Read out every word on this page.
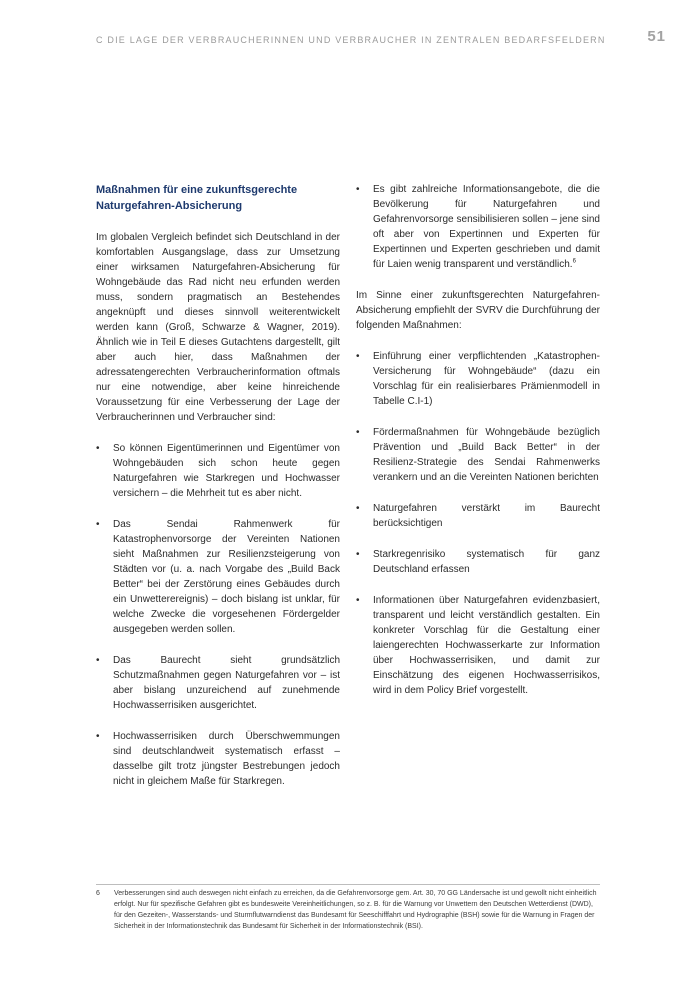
C DIE LAGE DER VERBRAUCHERINNEN UND VERBRAUCHER IN ZENTRALEN BEDARFSFELDERN	51
Maßnahmen für eine zukunftsgerechte
Naturgefahren-Absicherung

Im globalen Vergleich befindet sich Deutschland in der komfortablen Ausgangslage, dass zur Umsetzung einer wirksamen Naturgefahren-Absicherung für Wohngebäude das Rad nicht neu erfunden werden muss, sondern pragmatisch an Bestehendes angeknüpft und dieses sinnvoll weiterentwickelt werden kann (Groß, Schwarze & Wagner, 2019). Ähnlich wie in Teil E dieses Gutachtens dargestellt, gilt aber auch hier, dass Maßnahmen der adressatengerechten Verbraucherinformation oftmals nur eine notwendige, aber keine hinreichende Voraussetzung für eine Verbesserung der Lage der Verbraucherinnen und Verbraucher sind:

• So können Eigentümerinnen und Eigentümer von Wohngebäuden sich schon heute gegen Naturgefahren wie Starkregen und Hochwasser versichern – die Mehrheit tut es aber nicht.
• Das Sendai Rahmenwerk für Katastrophenvorsorge der Vereinten Nationen sieht Maßnahmen zur Resilienzsteigerung von Städten vor (u. a. nach Vorgabe des „Build Back Better“ bei der Zerstörung eines Gebäudes durch ein Unwetterereignis) – doch bislang ist unklar, für welche Zwecke die vorgesehenen Fördergelder ausgegeben werden sollen.
• Das Baurecht sieht grundsätzlich Schutzmaßnahmen gegen Naturgefahren vor – ist aber bislang unzureichend auf zunehmende Hochwasserrisiken ausgerichtet.
• Hochwasserrisiken durch Überschwemmungen sind deutschlandweit systematisch erfasst – dasselbe gilt trotz jüngster Bestrebungen jedoch nicht in gleichem Maße für Starkregen.
• Es gibt zahlreiche Informationsangebote, die die Bevölkerung für Naturgefahren und Gefahrenvorsorge sensibilisieren sollen – jene sind oft aber von Expertinnen und Experten für Expertinnen und Experten geschrieben und damit für Laien wenig transparent und verständlich.$^6$

Im Sinne einer zukunftsgerechten Naturgefahren-Absicherung empfiehlt der SVRV die Durchführung der folgenden Maßnahmen:

• Einführung einer verpflichtenden „Katastrophen-Versicherung für Wohngebäude“ (dazu ein Vorschlag für ein realisierbares Prämienmodell in Tabelle C.I-1)
• Fördermaßnahmen für Wohngebäude bezüglich Prävention und „Build Back Better“ in der Resilienz-Strategie des Sendai Rahmenwerks verankern und an die Vereinten Nationen berichten
• Naturgefahren verstärkt im Baurecht berücksichtigen
• Starkregenrisiko systematisch für ganz Deutschland erfassen
• Informationen über Naturgefahren evidenzbasiert, transparent und leicht verständlich gestalten. Ein konkreter Vorschlag für die Gestaltung einer laiengerechten Hochwasserkarte zur Information über Hochwasserrisiken, und damit zur Einschätzung des eigenen Hochwasserrisikos, wird in dem Policy Brief vorgestellt.
6 Verbesserungen sind auch deswegen nicht einfach zu erreichen, da die Gefahrenvorsorge gem. Art. 30, 70 GG Ländersache ist und gewollt nicht einheitlich erfolgt. Nur für spezifische Gefahren gibt es bundesweite Vereinheitlichungen, so z. B. für die Warnung vor Unwettern den Deutschen Wetterdienst (DWD), für den Gezeiten-, Wasserstands- und Sturmflutwarndienst das Bundesamt für Seeschifffahrt und Hydrographie (BSH) sowie für die Warnung in Fragen der Sicherheit in der Informationstechnik das Bundesamt für Sicherheit in der Informationstechnik (BSI).
